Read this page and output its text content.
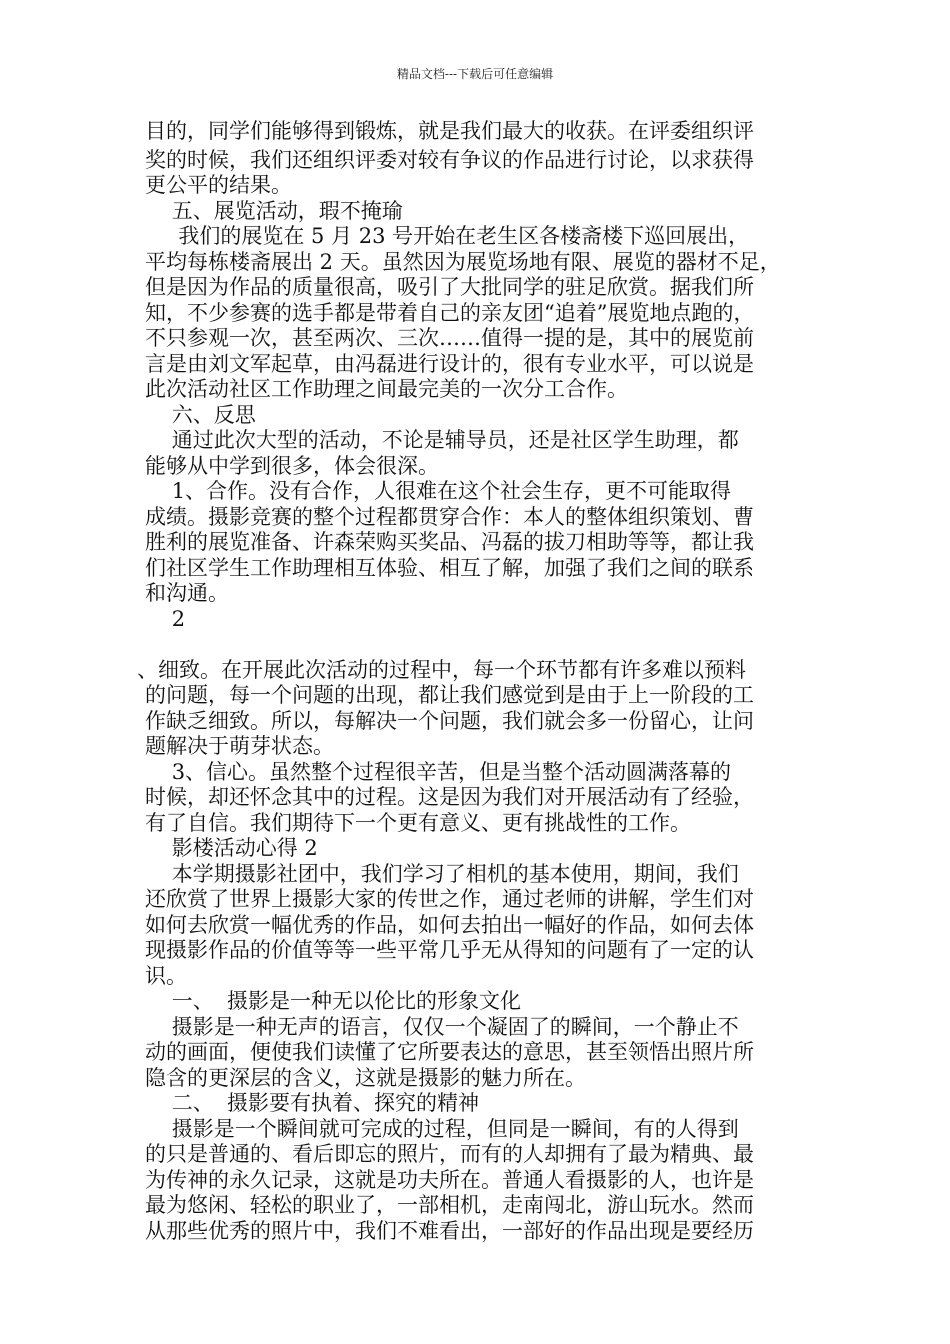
精品文档---下载后可任意编辑

目的，同学们能够得到锻炼，就是我们最大的收获。在评委组织评

奖的时候，我们还组织评委对较有争议的作品进行讨论，以求获得

更公平的结果。

五、展览活动，瑕不掩瑜

我们的展览在 5 月 23 号开始在老生区各楼斋楼下巡回展出，

平均每栋楼斋展出 2 天。虽然因为展览场地有限、展览的器材不足，

但是因为作品的质量很高，吸引了大批同学的驻足欣赏。据我们所

知，不少参赛的选手都是带着自己的亲友团“追着”展览地点跑的，

不只参观一次，甚至两次、三次……值得一提的是，其中的展览前

言是由刘文军起草，由冯磊进行设计的，很有专业水平，可以说是

此次活动社区工作助理之间最完美的一次分工合作。

六、反思

通过此次大型的活动，不论是辅导员，还是社区学生助理，都

能够从中学到很多，体会很深。

1、合作。没有合作，人很难在这个社会生存，更不可能取得

成绩。摄影竞赛的整个过程都贯穿合作：本人的整体组织策划、曹

胜利的展览准备、许森荣购买奖品、冯磊的拔刀相助等等，都让我

们社区学生工作助理相互体验、相互了解，加强了我们之间的联系

和沟通。

2

、细致。在开展此次活动的过程中，每一个环节都有许多难以预料

的问题，每一个问题的出现，都让我们感觉到是由于上一阶段的工

作缺乏细致。所以，每解决一个问题，我们就会多一份留心，让问

题解决于萌芽状态。

3、信心。虽然整个过程很辛苦，但是当整个活动圆满落幕的

时候，却还怀念其中的过程。这是因为我们对开展活动有了经验，

有了自信。我们期待下一个更有意义、更有挑战性的工作。

影楼活动心得 2

本学期摄影社团中，我们学习了相机的基本使用，期间，我们

还欣赏了世界上摄影大家的传世之作，通过老师的讲解，学生们对

如何去欣赏一幅优秀的作品，如何去拍出一幅好的作品，如何去体

现摄影作品的价值等等一些平常几乎无从得知的问题有了一定的认

识。

一、  摄影是一种无以伦比的形象文化

摄影是一种无声的语言，仅仅一个凝固了的瞬间，一个静止不

动的画面，便使我们读懂了它所要表达的意思，甚至领悟出照片所

隐含的更深层的含义，这就是摄影的魅力所在。

二、  摄影要有执着、探究的精神

摄影是一个瞬间就可完成的过程，但同是一瞬间，有的人得到

的只是普通的、看后即忘的照片，而有的人却拥有了最为精典、最

为传神的永久记录，这就是功夫所在。普通人看摄影的人，也许是

最为悠闲、轻松的职业了，一部相机，走南闯北，游山玩水。然而

从那些优秀的照片中，我们不难看出，一部好的作品出现是要经历
